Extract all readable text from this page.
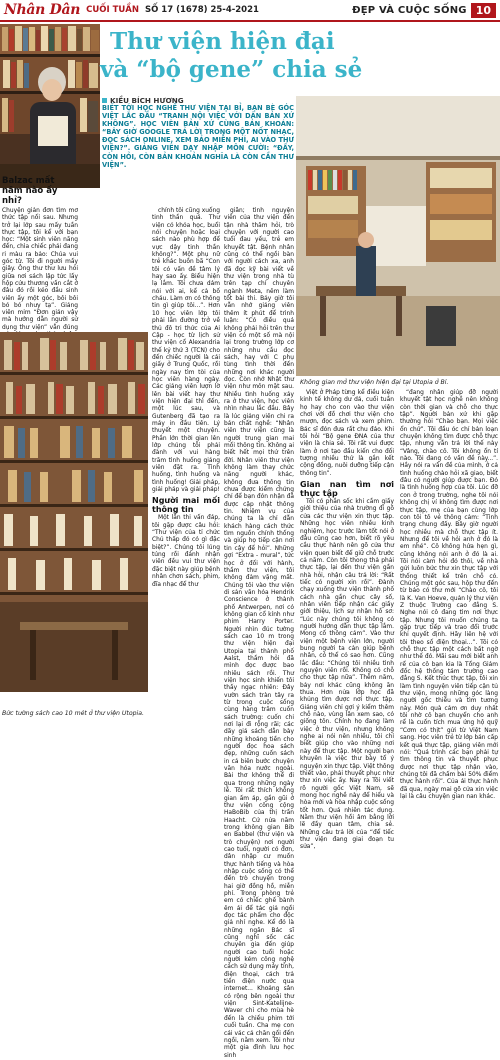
Nhân Dân CUỐI TUẦN SỐ 17 (1678) 25-4-2021	ĐẸP VÀ CUỘC SỐNG 10
Thư viện hiện đại
và “bộ gene” chia sẻ
KIỀU BÍCH HƯƠNG
BIẾT TỚI HỌC NGHỀ THƯ VIỆN TẠI BỈ, BẠN BÈ GÓC VIỆT LẮC ĐẦU “TRANH NỘI VIỆC VỚI DÂN BẢN XỨ KHÔNG”. HỌC VIÊN BẢN XỨ CÙNG BẢN KHOÁN: “BÂY GIỜ GOOGLE TRẢ LỜI TRONG MỘT NỐT NHẠC, ĐỌC SÁCH ONLINE, XEM BẢO MIỄN PHÍ, AI VÀO THƯ VIỆN?”. GIẢNG VIÊN DẠY NHẬP MÔN CƯỜI: “ĐẤY, CÒN HỎI, CÒN BẢN KHOẢN NGHĨA LÀ CÒN CẦN THƯ VIỆN”.
Không gian mở thư viện hiện đại tại Utopia ở Bỉ.
Balzac mất năm nào ấy nhỉ?

Chuyện giản đơn tìm mơ thức tập nối sau. Nhưng trở lại lớp sau mấy tuần thực tập, tôi kể với bạn học: “Một sinh viên năng đến, chìa chiếc phải đang ri màu ra bảo: Chúa vui góc từ. Tôi đi người mấy giây. Ông thư thư lưu hỏi giữa nơi sách lập tức lấy hộp cứu thương vấn cắt ở đâu đó rồi kéo đầu sinh viên ấy một góc, bôi bôi bó bó nhưy tạ”. Giảng viên mỉm “Đơn giản vậy mà hướng dẫn người sử dụng thư viện” vẫn đúng

Bức tường sách cao 10 mét ở thư viện Utopia.

chính tôi cũng xuống tinh thần quá. Thư viện có khóa học, buổi nói chuyện hoặc loại sách nào phù hợp để vực dậy tinh thần không?”. Một phụ nữ trẻ khác buồn bã “Con tôi có vấn đề tâm lý hay sao ấy. Biểu hiện lạ lắm. Tôi chưa dám nói với ai, kể cả bố cháu. Làm ơn có thông tin gì giúp tôi...”. Hơn 10 học viên lớp tôi phải lần đường trở về thủ đô tri thức của Ai Cập - học từ lịch sử thư viện cổ Alexandria thế kỷ thứ 3 (TCN) cho đến chiếc người là cái giấy ở Trung Quốc, rồi ngày nay tìm tòi của học viên hàng ngày. Các giảng viên lượn lờ lên bài viết hay thư viện hiện đại thì đến, một lúc sau, và Gutenberg đã tạo ra máy in đầu tiên. Lý thuyết một chuyện. Phần lớn thời gian lên lớp chúng tôi phải đành với vui hàng trăm tình huống giảng viên đặt ra. Tình huống, tình huống và tình huống! Giải pháp, giải pháp và giải pháp!

Người mai mối thông tin

Một lần thi vấn đáp, tôi gặp được câu hỏi: “Thư viện của tỉ chức Chủ thấp đó có gì đặc biệt?”. Chúng tôi lúng túng rồi đánh nhận viên đều vui thư viện đặc biệt này giúp bệnh nhân chơn sách, phim, đĩa nhạc để thư

giãn; tình nguyện viên của thư viện đến tận nhà thăm hỏi, trò chuyện với người cao tuổi đau yếu, trẻ em khuyết tật. Bệnh nhân cũng có thể ngồi bàn với người cách xa, anh đã đọc kỹ bài viết về thư viện trong nhà tù trên tạp chí chuyên ngành Meta, nêm làm tốt bài thi. Bảy giờ tôi vẫn nhớ giảng viên thêm ít phút để trình luận: “Có điều quá không phải hỏi trên thư viện có một số mà nội lại trong trường lớp cơ những nhu cầu đọc sách, hay với C phụ tùng tình thời đến những nơi khác người đọc. Còn nhớ Nhật thư viện như môn mặt sau. Nhiều tình huống xảy ra ở thư viện, học viên nhìn nhau lắc đầu. Bây là lúc giảng viên chi ra bán chất nghề: “Nhân viên thư viện cũng là người trung gian mai mối thông tin. Không ai biết hết mọi thứ trên đời. Nhân viên thư viện không làm thay chức năng người khác, không đưa thông tin chưa được kiểm chứng chỉ để bạn đón nhận đã được cập nhật thông tin. Nhiệm vụ của chúng ta là chỉ dẫn khách hàng cách thức tìm nguồn chính thống và giúp họ tiếp cận nơi tin cậy để hỏi”. Những gợi “Extra - mural”, tức học ở đối với hành, thầm thư viện, tôi không đảm vặng mất. Chúng tôi vào thư viện di sản văn hóa Hendrik Conscience ở thành phố Antwerpen, nơi có không gian cổ kính như phim Harry Porter. Người nhìn đúc tường sách cao 10 m trong thư viện hiện đại Utopia tại thành phố Aalst, thầm hỏi đã mình đọc được bao nhiêu sách rồi. Thư viện học sinh khiến tôi thấy ngạc nhiên: Đây vườn sách tràn tây ra từ trong cuộc sống cùng hàng trăm cuốn sách trường: cuốn chi nơi lại đi rộng rãi; các dãy giá sách dẫn bày những khoảng tiền cho người đọc hoa sách đẹp, những cuốn sách in cả biên bước chuyện văn hóa nước ngoài. Bài thơ không thể đi qua trong những ngày lễ. Tôi rất thích không gian ấm áp, gần gũi ở thư viện công cộng HaBoBib của thị trấn Haacht. Cứ nửa năm trong không gian Bib en Babbel (thư viện và trò chuyện) nơi người cao tuổi, người có đơn, dân nhập cư muốn thực hành tiếng và hòa nhập cuộc sống có thể đến trò chuyện trong hai giờ đồng hồ, miễn phí. Trong phòng trẻ em có chiếc ghế bành êm ái để tác giả ngồi đọc tác phẩm cho độc giả nhí nghe. Kể đó là những ngăn Bác sĩ cũng nghĩ sốc các chuyên gia đến giúp người cao tuổi hoặc người kém công nghệ cách sử dụng máy tính, điện thoại, cách trả tiền điện nước qua internet... Khoảng sân có rộng bên ngoài thư viện Sint-Katelijne-Waver chỉ cho mùa hè đến là chiếu phim tới cuối tuần. Cha mẹ con cái vác cả chăn gối đến ngồi, nằm xem. Tôi như một gia đình lưu học sinh

Việt ở Pháp từng kể điều kiện kinh tế không dư dả, cuối tuần họ hay cho con vào thư viện chơi với đồ chơi thư viện cho mượn, đọc sách và xem phim. Bác sĩ đón đưa rất chu đáo. Khi tôi hỏi “Bộ gene ĐNA của thư viện là chia sẻ. Tôi rất vui được làm ở nơi tạo đầu kiến cho đối tượng nhiều thứ là gắn kết cộng đồng, nuôi dưỡng tiếp cận thông tin”.

Gian nan tìm nơi thực tập

Tôi có phần sốc khi cầm giấy giới thiệu của nhà trường đi gõ cửa các thư viện xin thực tập. Những học viên nhiều kinh nghiệm, học trước làm tốt nói ở đâu cũng cao hơn, biết rõ yêu cầu thực hành nên gõ cửa thư viện quen biết để giữ chỗ trước cả năm. Còn tôi thong thả phải thực tập, lại đến thư viện gần nhà hỏi, nhận câu trả lời: “Rất tiếc có người xin rồi”. Đành chạy xuống thư viện thành phố cách nhà gần chục cây số, nhân viên tiếp nhận các giấy giới thiệu, lịch sự nhận hồ sơ: “Lúc này chúng tôi không có người hướng dẫn thực tập lắm. Mong cố thông cảm”. Vào thư viện một bệnh viện lớn, người bung người ta cản giúp bệnh nhân, có thể có sao hơn. Cũng lắc đầu: “Chúng tôi nhiều tình nguyện viên rồi. Không có chỗ cho thực tập nữa”. Thêm năm, bảy nơi khác cũng không ăn thua. Hơn nửa lớp học đã khủng tìm được nơi thực tập. Giảng viên chỉ gợi ý kiểm thêm chỗ nào, vùng lân xem sao, có giống tôn. Chính họ đang làm việc ở thư viện, nhưng không nghe ai nói nên nhiều, tôi chỉ biết giúp cho vào những nơi này để thực tập. Một người bạn khuyên là việc thư bày tổ ý nguyện xin thực tập. Việt thông thiết vào, phải thuyết phục như thư xin việc ấy. Nay ra Tôi viết rõ người gốc Việt Nam, sẽ mong học nghề này để hiểu và hòa mới và hòa nhập cuộc sống tốt hơn. Quá nhiên tác dụng. Nằm thư viện hồi âm bằng lời lẽ đầy quan tâm, chia sẻ. Những câu trả lời của “để tiếc thư viện đang giai đoạn tu sửa”,

“đang nhân giúp đỡ người khuyết tật học nghề nên không còn thời gian và chỗ cho thực tập”. Người bản xứ khi gặp thường hỏi “Chào bạn. Mọi việc ổn chứ”. Tôi đầu óc chỉ bản loạn chuyện không tìm được chỗ thực tập, nhưng vẫn trả lời thế này “Vâng, chào cô. Tôi không ổn tí nào. Tôi đang có vấn đề này...”. Hầy nói ra vấn đề của mình, ở cả tình huống chào hỏi xã giao, biết đâu có người giúp được bạn. Đó là tình huống hợp của tôi. Lúc đỡ con ở trong trường, nghe tôi nói không chị ví không tìm được nơi thực tập, mẹ của bạn cùng lớp con tôi tô vẻ thông cảm: “Tình trạng chung đấy. Bây giờ người học nhiều mà chỗ thực tập ít. Nhưng để tôi về hỏi anh ở đó là em nhé”. Cô không hứa hẹn gì, cũng không nói anh ở đó là ai. Tôi nói càm hỏi đó thôi, về nhà gửi luôn bức thư xin thực tập với thống thiết kế trên chỗ có. Chúng một góc sau, hộp thư đến từ báo có thư mới “Chào cô, tôi là K. Van Hoeve, quản lý thư viện Z thuộc Trường cao đẳng S. Nghe nói cô đang tìm nơi thực tập. Nhưng tôi muốn chúng ta gặp trực tiếp và trao đổi trước khi quyết định. Hãy liên hệ với tôi theo số điện thoại...”. Tôi có chỗ thực tập một cách bất ngờ như thế đó. Mãi sau mới biết anh rể của cô bạn kia là Tổng Giám đốc hệ thống tám trường cao đẳng S. Kết thúc thực tập, tôi xin làm tình nguyện viên tiếp cận tủ thư viện, mong những góc làng người gốc thiếu và tìm tương này. Món quà cảm ơn duy nhất tôi nhờ cô bạn chuyển cho anh rể là cuốn tích mua ứng hộ quỹ “Cơm có thịt” gửi từ Việt Nam sang. Học viên trẻ từ lớp bán cấp kết quả thực tập, giảng viên mới nói: “Quá trình các bạn phải tự tìm thông tin và thuyết phục được nơi thực tập nhận vào, chúng tôi đã chấm bài 50% điểm thực hành rồi”. Của ái thực hành đã qua, ngày mai gõ cửa xin việc lại là câu chuyện gian nan khác.
